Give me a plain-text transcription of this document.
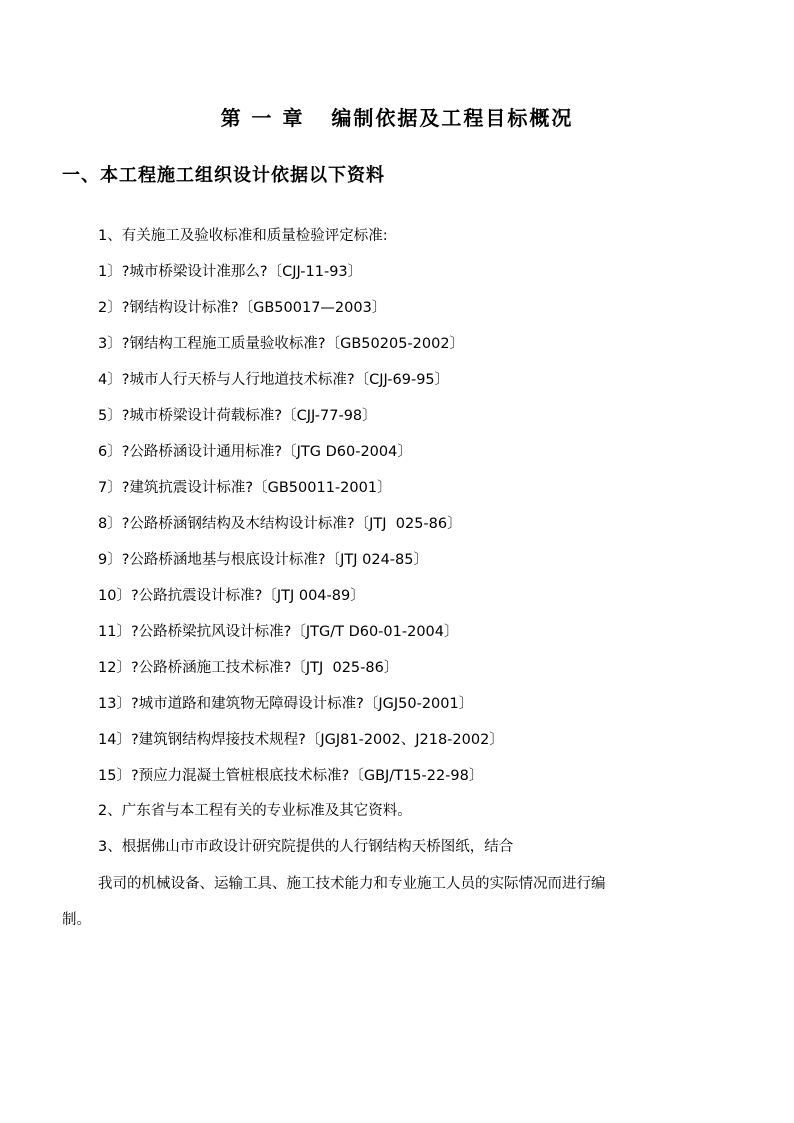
第 一 章   编制依据及工程目标概况
一、本工程施工组织设计依据以下资料
1、有关施工及验收标准和质量检验评定标准:
1〕?城市桥梁设计准那么?〔CJJ-11-93〕
2〕?钢结构设计标准?〔GB50017—2003〕
3〕?钢结构工程施工质量验收标准?〔GB50205-2002〕
4〕?城市人行天桥与人行地道技术标准?〔CJJ-69-95〕
5〕?城市桥梁设计荷载标准?〔CJJ-77-98〕
6〕?公路桥涵设计通用标准?〔JTG D60-2004〕
7〕?建筑抗震设计标准?〔GB50011-2001〕
8〕?公路桥涵钢结构及木结构设计标准?〔JTJ  025-86〕
9〕?公路桥涵地基与根底设计标准?〔JTJ 024-85〕
10〕?公路抗震设计标准?〔JTJ 004-89〕
11〕?公路桥梁抗风设计标准?〔JTG/T D60-01-2004〕
12〕?公路桥涵施工技术标准?〔JTJ  025-86〕
13〕?城市道路和建筑物无障碍设计标准?〔JGJ50-2001〕
14〕?建筑钢结构焊接技术规程?〔JGJ81-2002、J218-2002〕
15〕?预应力混凝土管桩根底技术标准?〔GBJ/T15-22-98〕
2、广东省与本工程有关的专业标准及其它资料。
3、根据佛山市市政设计研究院提供的人行钢结构天桥图纸，结合
我司的机械设备、运输工具、施工技术能力和专业施工人员的实际情况而进行编
制。
